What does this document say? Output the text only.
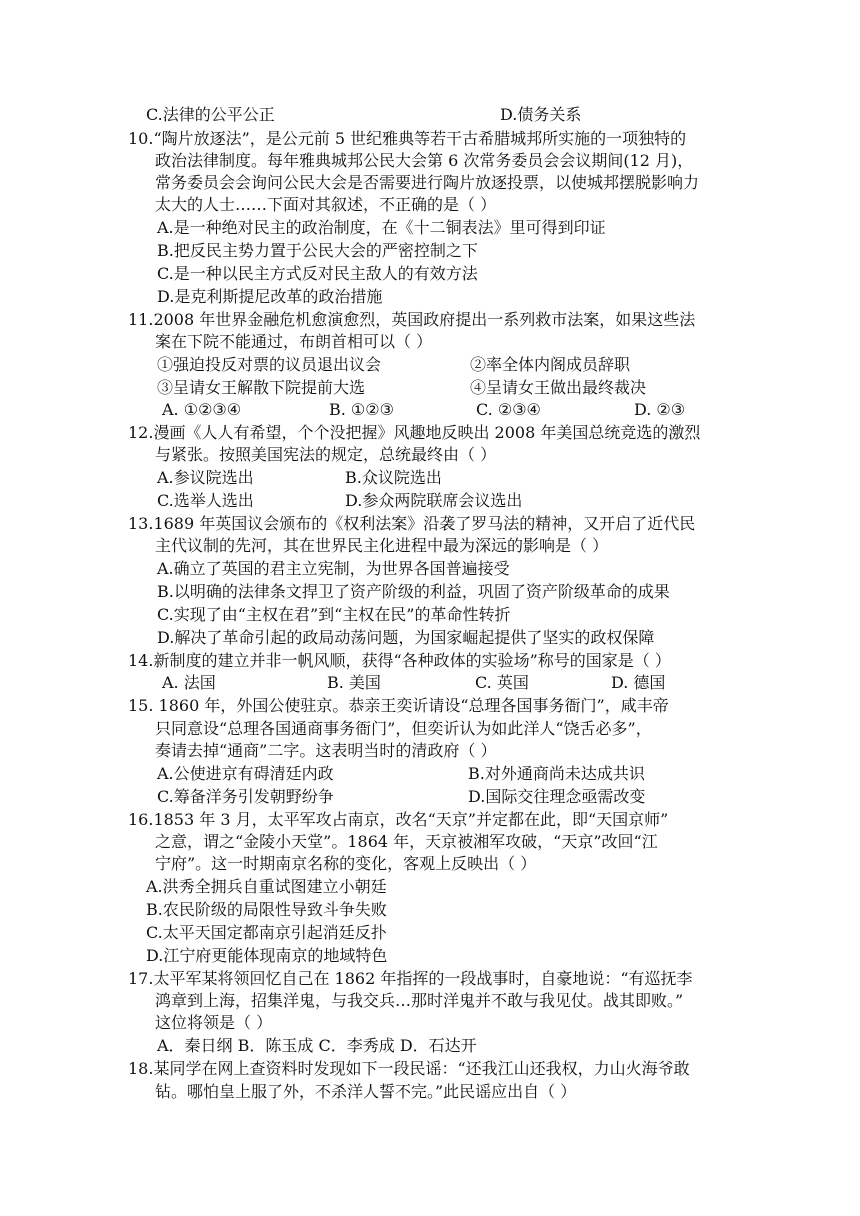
C.法律的公平公正	D.债务关系
10.“陶片放逐法”，是公元前 5 世纪雅典等若干古希腊城邦所实施的一项独特的
政治法律制度。每年雅典城邦公民大会第 6 次常务委员会会议期间(12 月)，
常务委员会会询问公民大会是否需要进行陶片放逐投票，以使城邦摆脱影响力
太大的人士……下面对其叙述，不正确的是（ ）
A.是一种绝对民主的政治制度，在《十二铜表法》里可得到印证
B.把反民主势力置于公民大会的严密控制之下
C.是一种以民主方式反对民主敌人的有效方法
D.是克利斯提尼改革的政治措施
11.2008 年世界金融危机愈演愈烈，英国政府提出一系列救市法案，如果这些法
案在下院不能通过，布朗首相可以（ ）
①强迫投反对票的议员退出议会	②率全体内阁成员辞职
③呈请女王解散下院提前大选	④呈请女王做出最终裁决
A. ①②③④	B. ①②③	C. ②③④	D. ②③
12.漫画《人人有希望，个个没把握》风趣地反映出 2008 年美国总统竞选的激烈
与紧张。按照美国宪法的规定，总统最终由（ ）
A.参议院选出	B.众议院选出
C.选举人选出	D.参众两院联席会议选出
13.1689 年英国议会颁布的《权利法案》沿袭了罗马法的精神，又开启了近代民
主代议制的先河，其在世界民主化进程中最为深远的影响是（ ）
A.确立了英国的君主立宪制，为世界各国普遍接受
B.以明确的法律条文捍卫了资产阶级的利益，巩固了资产阶级革命的成果
C.实现了由“主权在君”到“主权在民”的革命性转折
D.解决了革命引起的政局动荡问题，为国家崛起提供了坚实的政权保障
14.新制度的建立并非一帆风顺，获得“各种政体的实验场”称号的国家是（ ）
A. 法国	B. 美国	C. 英国	D. 德国
15. 1860 年，外国公使驻京。恭亲王奕䜣请设“总理各国事务衙门”，咸丰帝
只同意设“总理各国通商事务衙门”，但奕䜣认为如此洋人“饶舌必多”，
奏请去掉“通商”二字。这表明当时的清政府（ ）
A.公使进京有碍清廷内政	B.对外通商尚未达成共识
C.筹备洋务引发朝野纷争	D.国际交往理念亟需改变
16.1853 年 3 月，太平军攻占南京，改名“天京”并定都在此，即“天国京师”
之意，谓之“金陵小天堂”。1864 年，天京被湘军攻破，“天京”改回“江
宁府”。这一时期南京名称的变化，客观上反映出（ ）
A.洪秀全拥兵自重试图建立小朝廷
B.农民阶级的局限性导致斗争失败
C.太平天国定都南京引起消廷反扑
D.江宁府更能体现南京的地域特色
17.太平军某将领回忆自己在 1862 年指挥的一段战事时，自豪地说：“有巡抚李
鸿章到上海，招集洋鬼，与我交兵…那时洋鬼并不敢与我见仗。战其即败。”
这位将领是（ ）
A．秦日纲 B．陈玉成 C．李秀成 D．石达开
18.某同学在网上查资料时发现如下一段民谣：“还我江山还我权，力山火海爷敢
钻。哪怕皇上服了外，不杀洋人誓不完。”此民谣应出自（ ）
